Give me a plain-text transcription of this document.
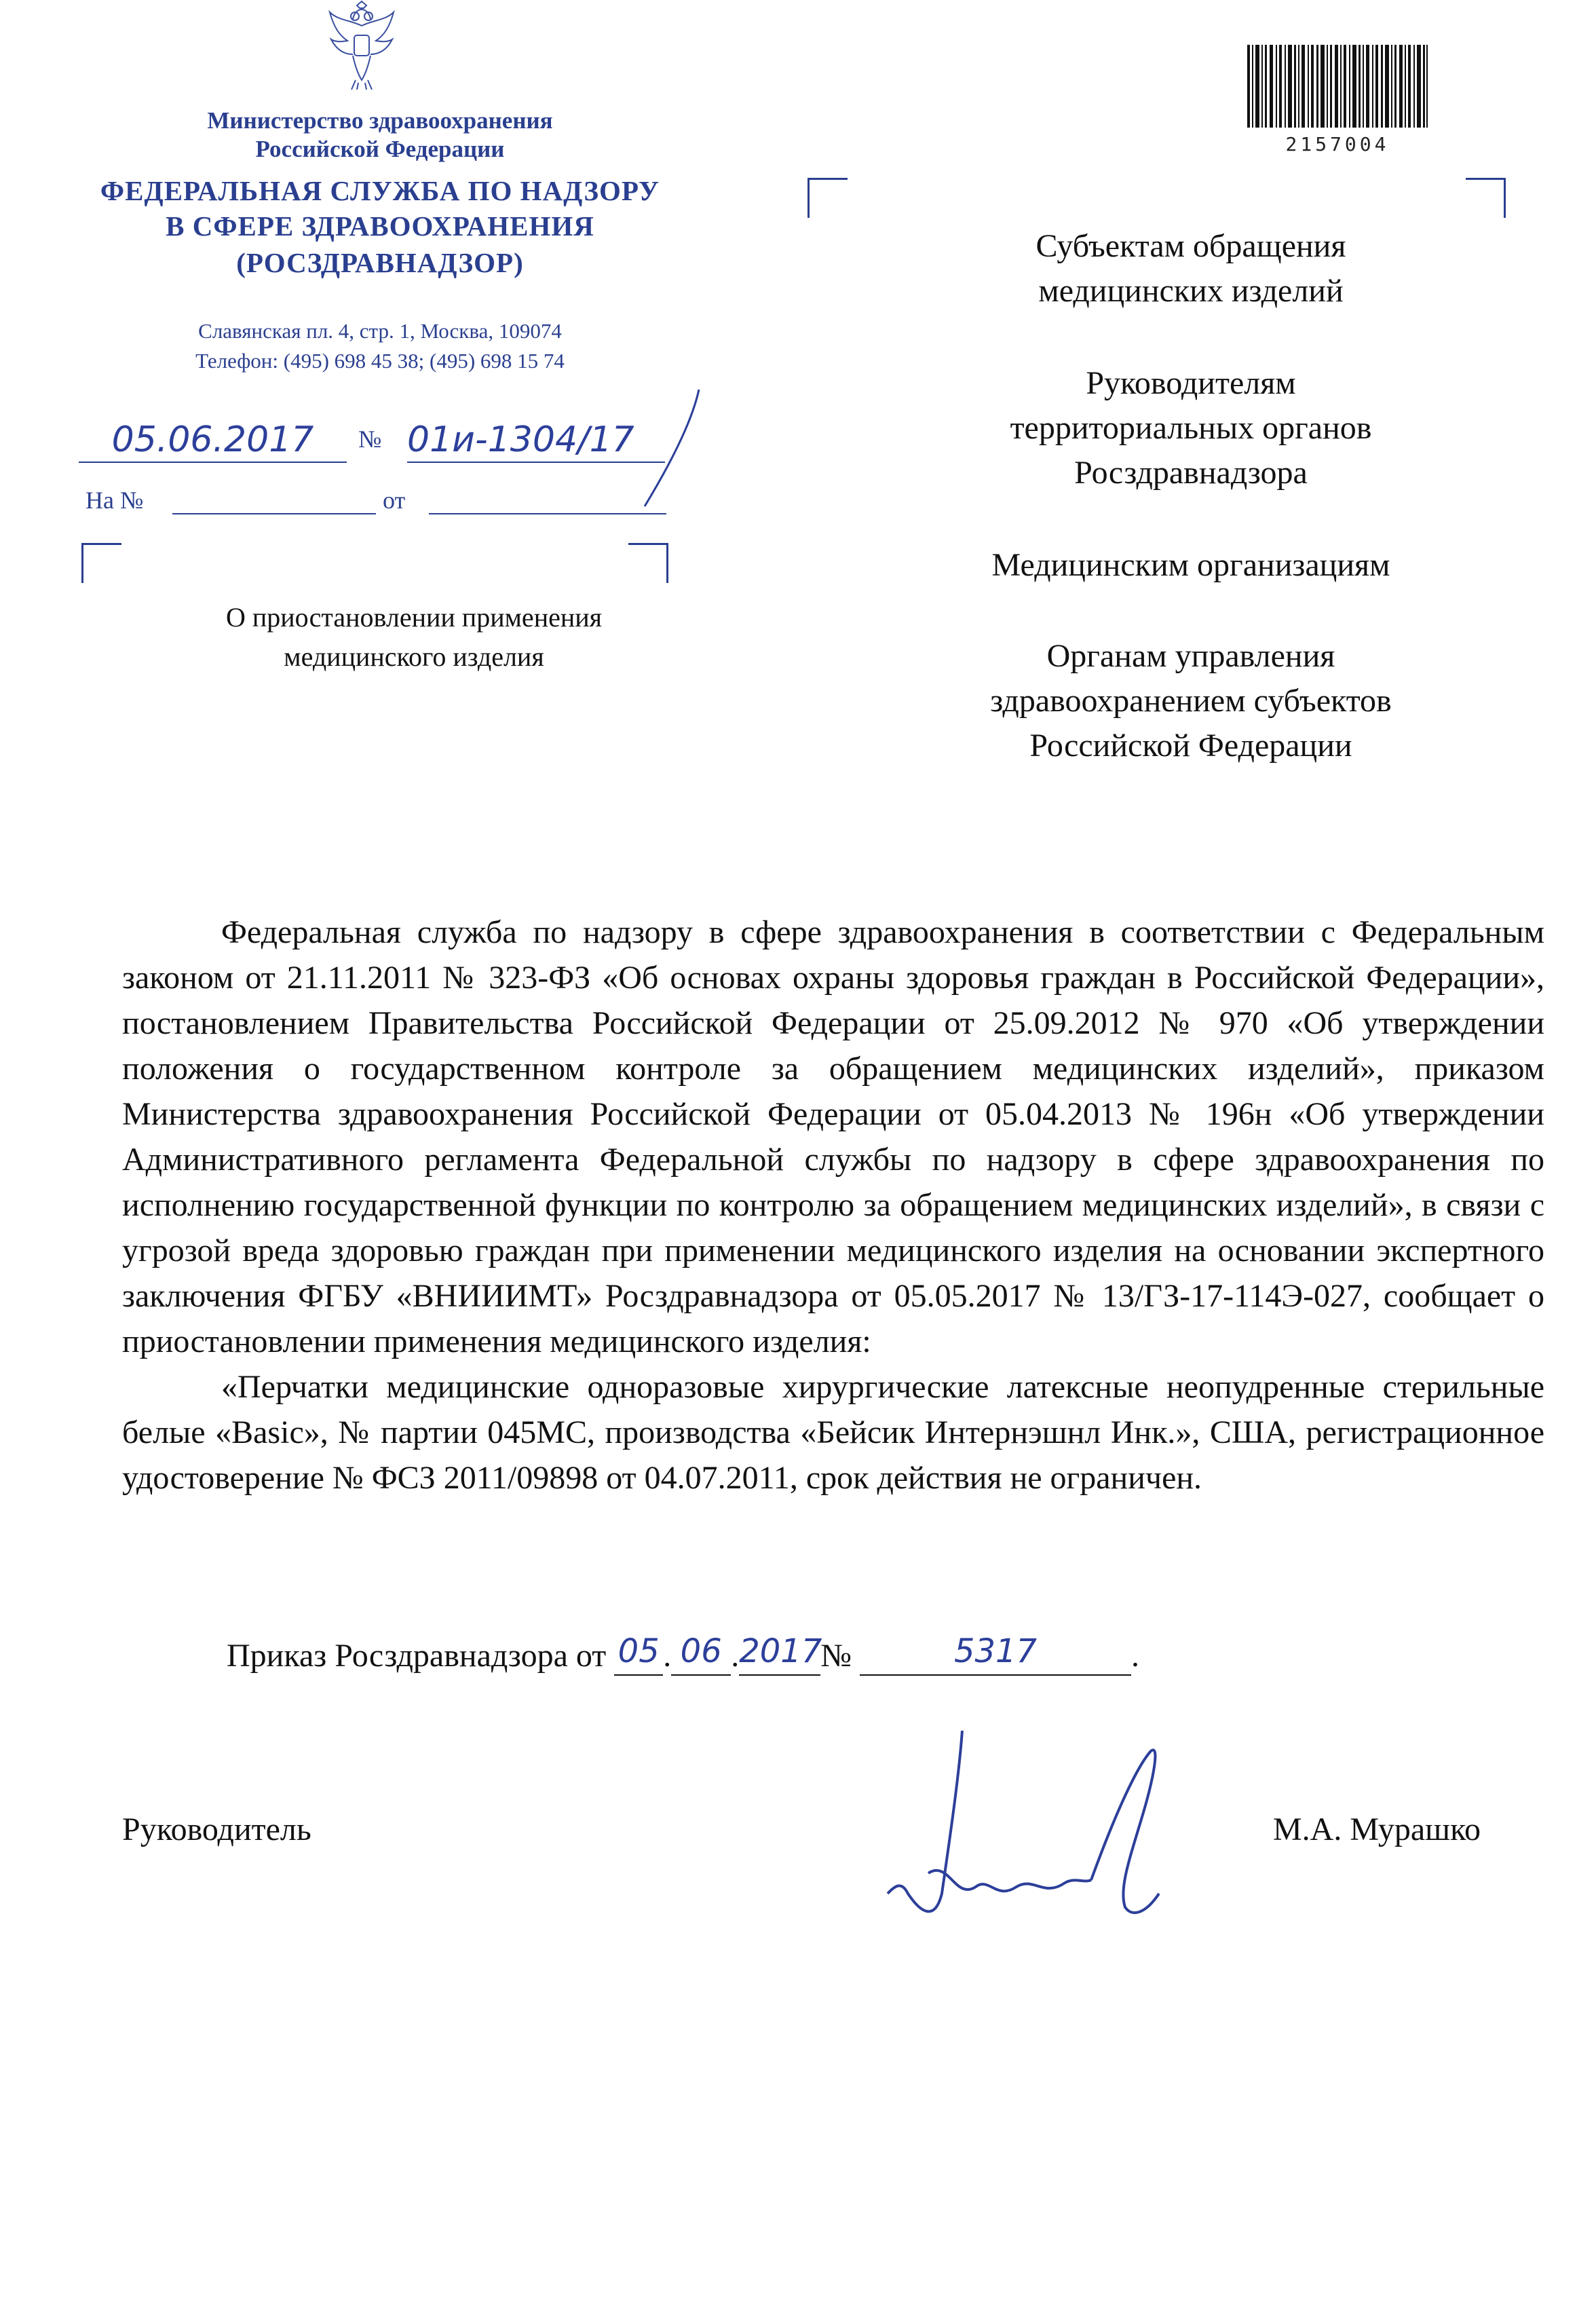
Министерство здравоохранения
Российской Федерации
ФЕДЕРАЛЬНАЯ СЛУЖБА ПО НАДЗОРУ
В СФЕРЕ ЗДРАВООХРАНЕНИЯ
(РОСЗДРАВНАДЗОР)
Славянская пл. 4, стр. 1, Москва, 109074
Телефон: (495) 698 45 38; (495) 698 15 74
05.06.2017	№ 01и-1304/17
На №	от
О приостановлении применения
медицинского изделия
2157004
Субъектам обращения
медицинских изделий
Руководителям
территориальных органов
Росздравнадзора
Медицинским организациям
Органам управления
здравоохранением субъектов
Российской Федерации

Федеральная служба по надзору в сфере здравоохранения в соответствии с Федеральным законом от 21.11.2011 № 323-ФЗ «Об основах охраны здоровья граждан в Российской Федерации», постановлением Правительства Российской Федерации от 25.09.2012 № 970 «Об утверждении положения о государственном контроле за обращением медицинских изделий», приказом Министерства здравоохранения Российской Федерации от 05.04.2013 № 196н «Об утверждении Административного регламента Федеральной службы по надзору в сфере здравоохранения по исполнению государственной функции по контролю за обращением медицинских изделий», в связи с угрозой вреда здоровью граждан при применении медицинского изделия на основании экспертного заключения ФГБУ «ВНИИИМТ» Росздравнадзора от 05.05.2017 № 13/ГЗ-17-114Э-027, сообщает о приостановлении применения медицинского изделия:

«Перчатки медицинские одноразовые хирургические латексные неопудренные стерильные белые «Basic», № партии 045МС, производства «Бейсик Интернэшнл Инк.», США, регистрационное удостоверение № ФСЗ 2011/09898 от 04.07.2011, срок действия не ограничен.

Приказ Росздравнадзора от 05 . 06 .2017№	5317	.
Руководитель	М.А. Мурашко
